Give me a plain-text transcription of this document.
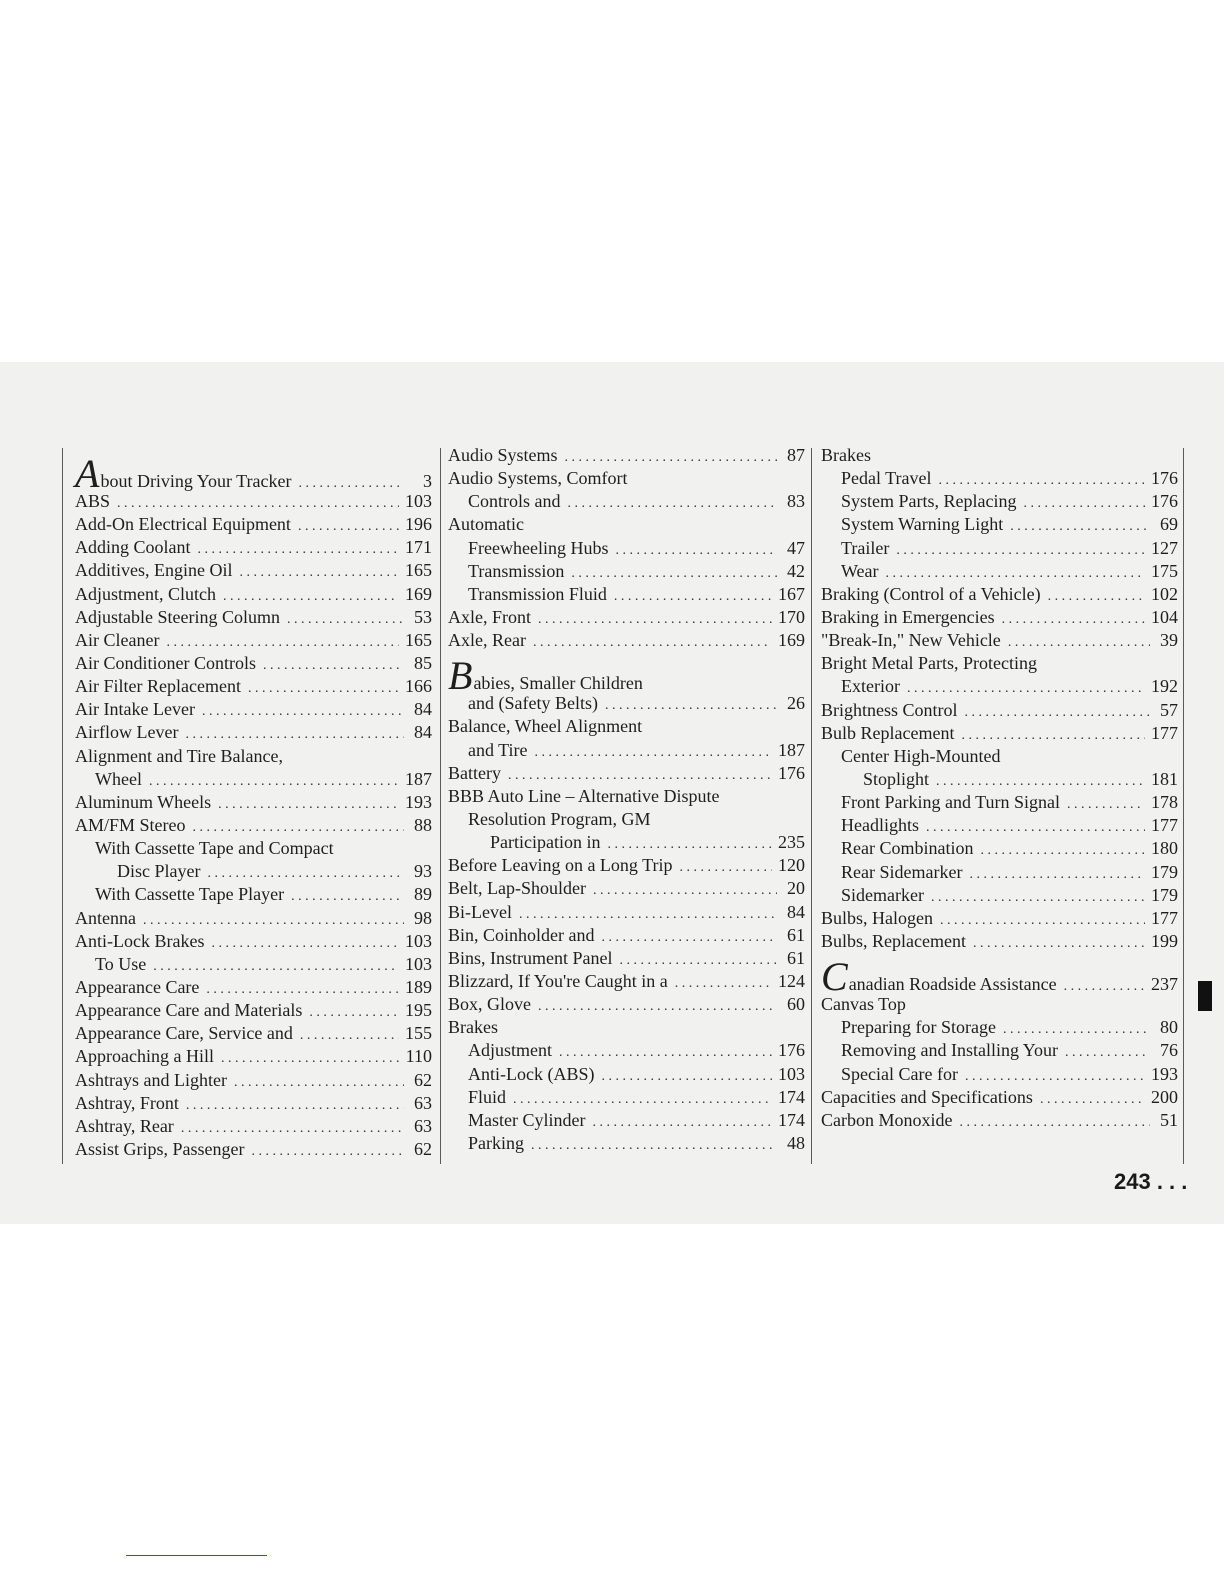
About Driving Your Tracker . . .	3
ABS . . .	103
Add-On Electrical Equipment . . .	196
Adding Coolant . . .	171
Additives, Engine Oil . . .	165
Adjustment, Clutch . . .	169
Adjustable Steering Column . . .	53
Air Cleaner . . .	165
Air Conditioner Controls . . .	85
Air Filter Replacement . . .	166
Air Intake Lever . . .	84
Airflow Lever . . .	84
Alignment and Tire Balance,
Wheel . . .	187
Aluminum Wheels . . .	193
AM/FM Stereo . . .	88
With Cassette Tape and Compact
Disc Player . . .	93
With Cassette Tape Player . . .	89
Antenna . . .	98
Anti-Lock Brakes . . .	103
To Use . . .	103
Appearance Care . . .	189
Appearance Care and Materials . . .	195
Appearance Care, Service and . . .	155
Approaching a Hill . . .	110
Ashtrays and Lighter . . .	62
Ashtray, Front . . .	63
Ashtray, Rear . . .	63
Assist Grips, Passenger . . .	62
Audio Systems . . .	87
Audio Systems, Comfort
Controls and . . .	83
Automatic
Freewheeling Hubs . . .	47
Transmission . . .	42
Transmission Fluid . . .	167
Axle, Front . . .	170
Axle, Rear . . .	169
Babies, Smaller Children
and (Safety Belts) . . .	26
Balance, Wheel Alignment
and Tire . . .	187
Battery . . .	176
BBB Auto Line – Alternative Dispute
Resolution Program, GM
Participation in . . .	235
Before Leaving on a Long Trip . . .	120
Belt, Lap-Shoulder . . .	20
Bi-Level . . .	84
Bin, Coinholder and . . .	61
Bins, Instrument Panel . . .	61
Blizzard, If You're Caught in a . . .	124
Box, Glove . . .	60
Brakes
Adjustment . . .	176
Anti-Lock (ABS) . . .	103
Fluid . . .	174
Master Cylinder . . .	174
Parking . . .	48
Brakes
Pedal Travel . . .	176
System Parts, Replacing . . .	176
System Warning Light . . .	69
Trailer . . .	127
Wear . . .	175
Braking (Control of a Vehicle) . . .	102
Braking in Emergencies . . .	104
"Break-In," New Vehicle . . .	39
Bright Metal Parts, Protecting
Exterior . . .	192
Brightness Control . . .	57
Bulb Replacement . . .	177
Center High-Mounted
Stoplight . . .	181
Front Parking and Turn Signal . . .	178
Headlights . . .	177
Rear Combination . . .	180
Rear Sidemarker . . .	179
Sidemarker . . .	179
Bulbs, Halogen . . .	177
Bulbs, Replacement . . .	199
Canadian Roadside Assistance . . .	237
Canvas Top
Preparing for Storage . . .	80
Removing and Installing Your . . .	76
Special Care for . . .	193
Capacities and Specifications . . .	200
Carbon Monoxide . . .	51
243 . . .
